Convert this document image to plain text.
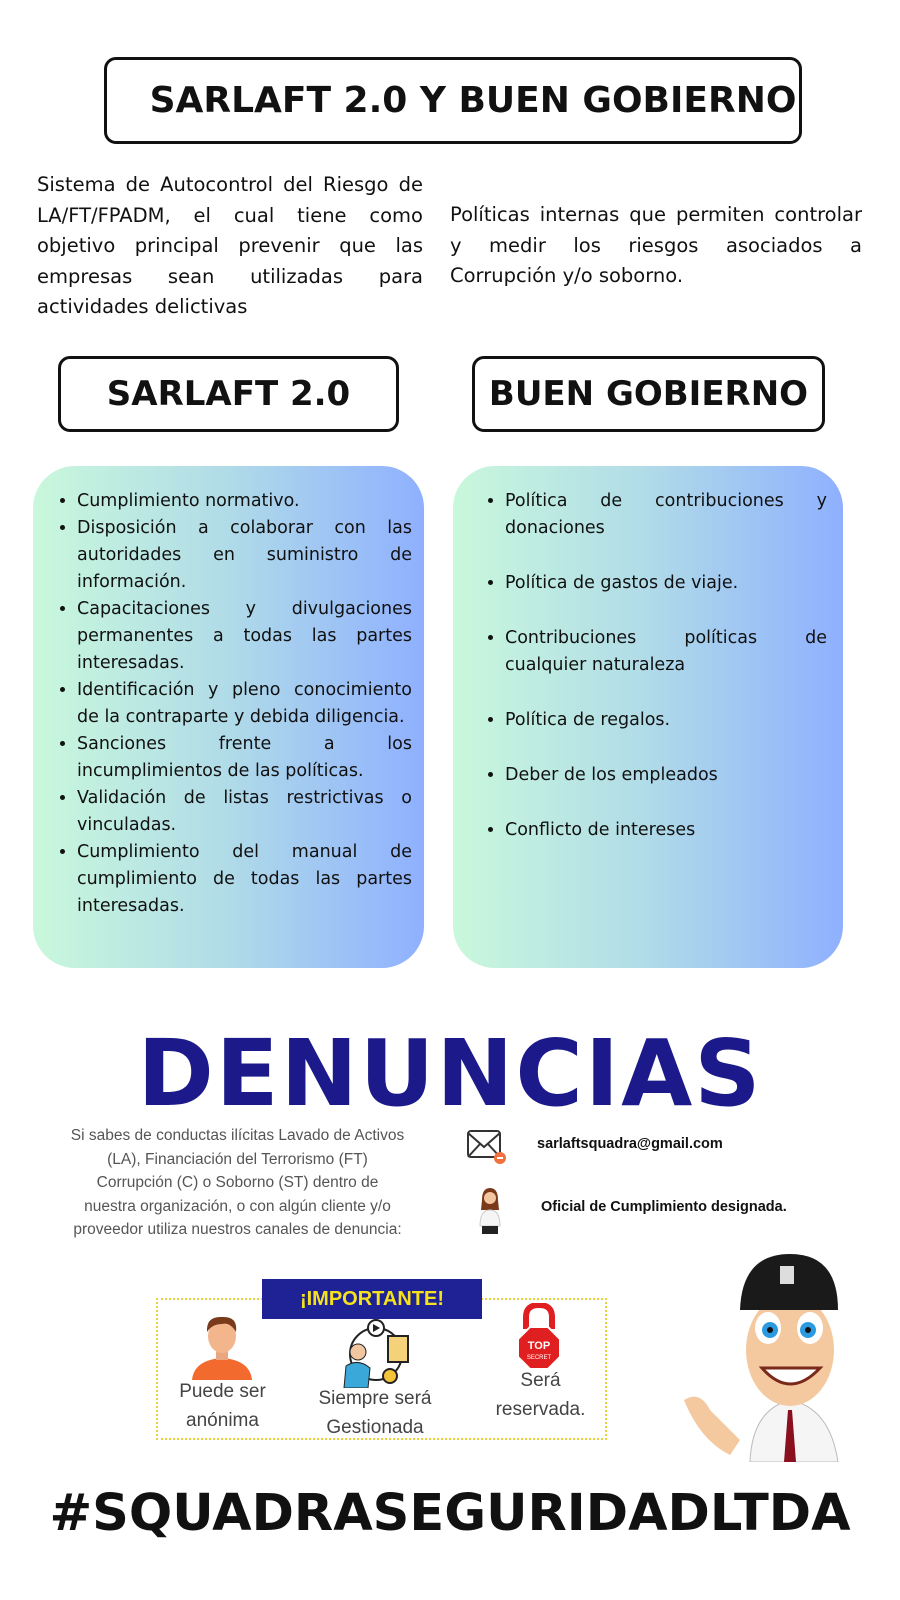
SARLAFT 2.0 Y BUEN GOBIERNO

Sistema de Autocontrol del Riesgo de LA/FT/FPADM, el cual tiene como objetivo principal prevenir que las empresas sean utilizadas para actividades delictivas

Políticas internas que permiten controlar y medir los riesgos asociados a Corrupción y/o soborno.

SARLAFT 2.0	BUEN GOBIERNO
• Cumplimiento normativo.
• Disposición a colaborar con las autoridades en suministro de información.
• Capacitaciones y divulgaciones permanentes a todas las partes interesadas.
• Identificación y pleno conocimiento de la contraparte y debida diligencia.
• Sanciones frente a los incumplimientos de las políticas.
• Validación de listas restrictivas o vinculadas.
• Cumplimiento del manual de cumplimiento de todas las partes interesadas.
• Política de contribuciones y donaciones
• Política de gastos de viaje.
• Contribuciones políticas de cualquier naturaleza
• Política de regalos.
• Deber de los empleados
• Conflicto de intereses
DENUNCIAS

Si sabes de conductas ilícitas Lavado de Activos (LA), Financiación del Terrorismo (FT) Corrupción (C) o Soborno (ST) dentro de nuestra organización, o con algún cliente y/o proveedor utiliza nuestros canales de denuncia:

sarlaftsquadra@gmail.com
Oficial de Cumplimiento designada.
¡IMPORTANTE!
Puede ser anónima
Siempre será Gestionada
TOP
SECRET
Será reservada.
#SQUADRASEGURIDADLTDA
